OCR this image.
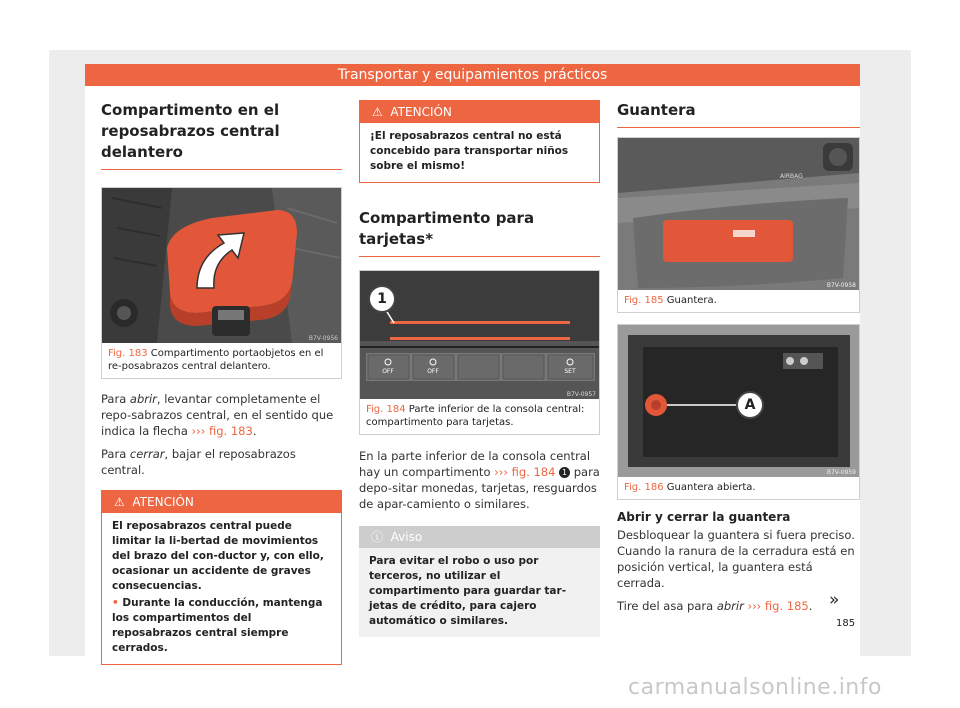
Transportar y equipamientos prácticos
Compartimento en el reposabrazos central delantero
B7V-0956
Fig. 183 Compartimento portaobjetos en el re-posabrazos central delantero.

Para abrir, levantar completamente el repo-sabrazos central, en el sentido que indica la flecha ››› fig. 183.

Para cerrar, bajar el reposabrazos central.

⚠ ATENCIÓN
El reposabrazos central puede limitar la li-bertad de movimientos del brazo del con-ductor y, con ello, ocasionar un accidente de graves consecuencias.
• Durante la conducción, mantenga los compartimentos del reposabrazos central siempre cerrados.
⚠ ATENCIÓN
¡El reposabrazos central no está concebido para transportar niños sobre el mismo!
Compartimento para tarjetas*
OFF	OFF	SET
1
B7V-0957
Fig. 184 Parte inferior de la consola central: compartimento para tarjetas.

En la parte inferior de la consola central hay un compartimento ››› fig. 184 1 para depo-sitar monedas, tarjetas, resguardos de apar-camiento o similares.

ⓘ Aviso
Para evitar el robo o uso por terceros, no utilizar el compartimento para guardar tar-jetas de crédito, para cajero automático o similares.
Guantera
AIRBAG
B7V-0958
Fig. 185 Guantera.
A
B7V-0959
Fig. 186 Guantera abierta.
Abrir y cerrar la guantera

Desbloquear la guantera si fuera preciso. Cuando la ranura de la cerradura está en posición vertical, la guantera está cerrada.

Tire del asa para abrir ››› fig. 185. »
185
carmanualsonline.info
